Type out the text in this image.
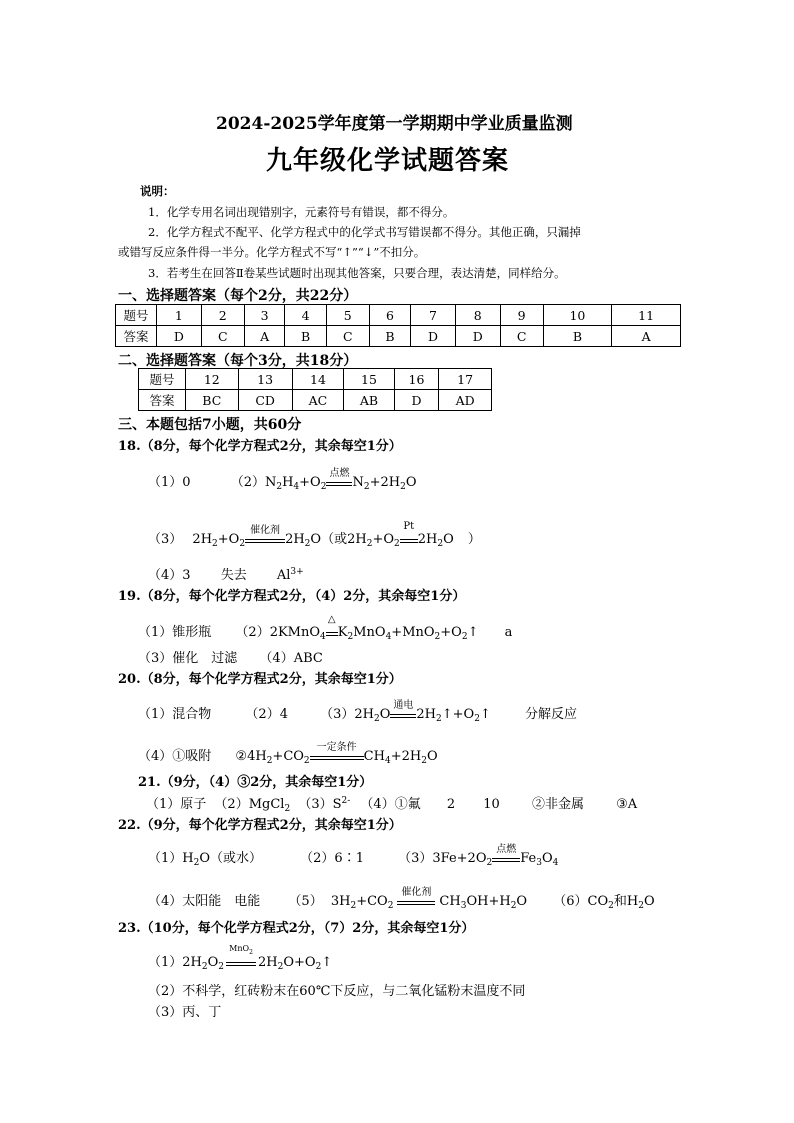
2024-2025学年度第一学期期中学业质量监测
九年级化学试题答案
说明：
1．化学专用名词出现错别字，元素符号有错误，都不得分。
2．化学方程式不配平、化学方程式中的化学式书写错误都不得分。其他正确，只漏掉
或错写反应条件得一半分。化学方程式不写“↑”“↓”不扣分。
3．若考生在回答Ⅱ卷某些试题时出现其他答案，只要合理，表达清楚，同样给分。
一、选择题答案（每个2分，共22分）
题号	1	2	3	4	5	6	7	8	9	10	11
答案	D	C	A	B	C	B	D	D	C	B	A
二、选择题答案（每个3分，共18分）
题号	12	13	14	15	16	17
答案	BC	CD	AC	AB	D	AD
三、本题包括7小题，共60分
18.（8分，每个化学方程式2分，其余每空1分）
（1）0	$(2)N_2H_4+O_2$
点燃
$N_2+2H_2O$
（3） $2H_2+O_2$
催化剂
$2H_2O$（或$2H_2+O_2$
Pt
$2H_2O$ ）
（4）3 失去 $Al^{3+}$
19.（8分，每个化学方程式2分，（4）2分，其余每空1分）
（1）锥形瓶 （2）2KMnO$_4$
△
$K_2MnO_4+MnO_2+O_2↑$ a
（3）催化　过滤 （4）ABC
20.（8分，每个化学方程式2分，其余每空1分）
（1）混合物	（2）4 $(3)2H_2O$
通电
$2H_2↑+O_2↑$	分解反应
（4）①吸附 $②4H_2+CO_2$
一定条件
$CH_4+2H_2O$
21.（9分，（4）③2分，其余每空1分）
（1）原子 （2）MgCl$_2$ $(3)S^{2-}$ （4）①氟 2 10 ②非金属 ③A
22.（9分，每个化学方程式2分，其余每空1分）
$(1)H_2O$（或水）	（2）6∶1	$(3)3Fe+2O_2$
点燃
$Fe_3O_4$
（4）太阳能　电能 （5） $3H_2+CO_2$
催化剂
$CH_3OH+H_2O$ $(6)CO_2$和$H_2O$
23.（10分，每个化学方程式2分，（7）2分，其余每空1分）
$(1)2H_2O_2$
MnO$_2$
$2H_2O+O_2↑$
（2）不科学，红砖粉末在60℃下反应，与二氧化锰粉末温度不同
（3）丙、丁
